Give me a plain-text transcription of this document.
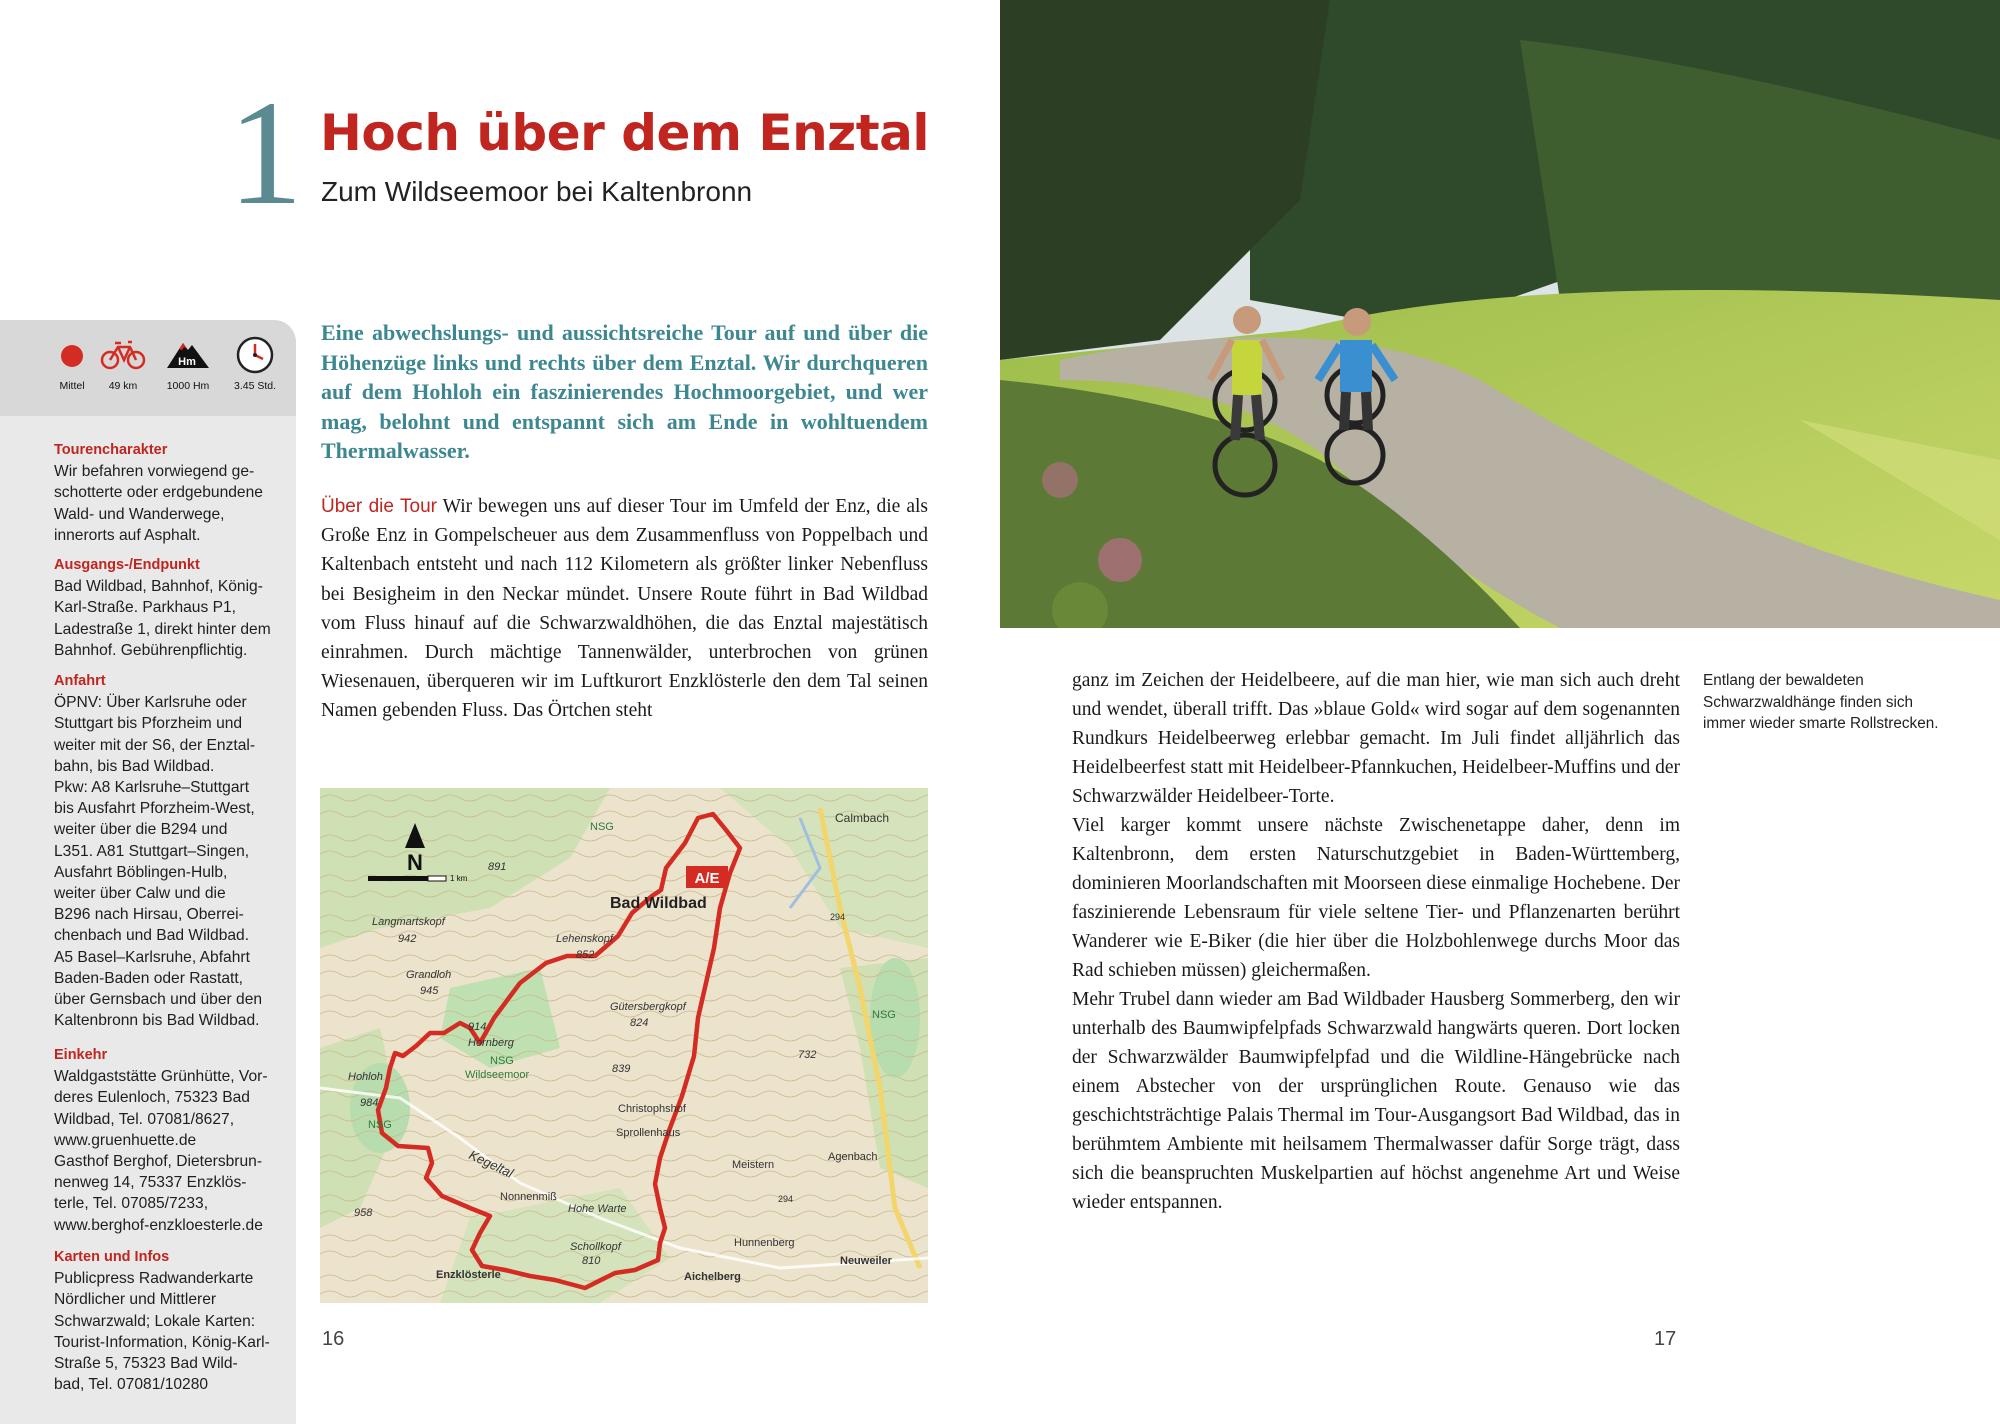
1 Hoch über dem Enztal
Zum Wildseemoor bei Kaltenbronn
Mittel	49 km
Hm
1000 Hm	3.45 Std.
Tourencharakter
Wir befahren vorwiegend ge-
schotterte oder erdgebundene
Wald- und Wanderwege,
innerorts auf Asphalt.
Ausgangs-/Endpunkt
Bad Wildbad, Bahnhof, König-
Karl-Straße. Parkhaus P1,
Ladestraße 1, direkt hinter dem
Bahnhof. Gebührenpflichtig.
Anfahrt
ÖPNV: Über Karlsruhe oder
Stuttgart bis Pforzheim und
weiter mit der S6, der Enztal-
bahn, bis Bad Wildbad.
Pkw: A8 Karlsruhe–Stuttgart
bis Ausfahrt Pforzheim-West,
weiter über die B294 und
L351. A81 Stuttgart–Singen,
Ausfahrt Böblingen-Hulb,
weiter über Calw und die
B296 nach Hirsau, Oberrei-
chenbach und Bad Wildbad.
A5 Basel–Karlsruhe, Abfahrt
Baden-Baden oder Rastatt,
über Gernsbach und über den
Kaltenbronn bis Bad Wildbad.
Einkehr
Waldgaststätte Grünhütte, Vor-
deres Eulenloch, 75323 Bad
Wildbad, Tel. 07081/8627,
www.gruenhuette.de
Gasthof Berghof, Dietersbrun-
nenweg 14, 75337 Enzklös-
terle, Tel. 07085/7233,
www.berghof-enzkloesterle.de
Karten und Infos
Publicpress Radwanderkarte
Nördlicher und Mittlerer
Schwarzwald; Lokale Karten:
Tourist-Information, König-Karl-
Straße 5, 75323 Bad Wild-
bad, Tel. 07081/10280
Eine abwechslungs- und aussichtsreiche Tour auf und über die Höhenzüge links und rechts über dem Enztal. Wir durchqueren auf dem Hohloh ein faszinierendes Hochmoorgebiet, und wer mag, belohnt und entspannt sich am Ende in wohltuendem Thermalwasser.
Über die Tour Wir bewegen uns auf dieser Tour im Umfeld der Enz, die als Große Enz in Gompelscheuer aus dem Zusammenfluss von Poppelbach und Kaltenbach entsteht und nach 112 Kilometern als größter linker Nebenfluss bei Besigheim in den Neckar mündet. Unsere Route führt in Bad Wildbad vom Fluss hinauf auf die Schwarzwaldhöhen, die das Enztal majestätisch einrahmen. Durch mächtige Tannenwälder, unterbrochen von grünen Wiesenauen, überqueren wir im Luftkurort Enzklösterle den dem Tal seinen Namen gebenden Fluss. Das Örtchen steht
N
1 km	A/E
Calmbach
Bad Wildbad
Langmartskopf
942
891
Lehenskopf
852
Grandloh
945
Gütersbergkopf
824
914
Hornberg
NSG
Wildseemoor	839
Hohloh
984
NSG
Christophshof
Sprollenhaus
Kegeltal
732
NSG
NSG
Meistern
Agenbach
958
Nonnenmiß
Hohe Warte
294
294
Schollkopf
810
Hunnenberg
Neuweiler
Enzklösterle	Aichelberg
16

ganz im Zeichen der Heidelbeere, auf die man hier, wie man sich auch dreht und wendet, überall trifft. Das »blaue Gold« wird sogar auf dem sogenannten Rundkurs Heidelbeerweg erlebbar gemacht. Im Juli findet alljährlich das Heidelbeerfest statt mit Heidelbeer-Pfannkuchen, Heidelbeer-Muffins und der Schwarzwälder Heidelbeer-Torte.

Viel karger kommt unsere nächste Zwischenetappe daher, denn im Kaltenbronn, dem ersten Naturschutzgebiet in Baden-Württemberg, dominieren Moorlandschaften mit Moorseen diese einmalige Hochebene. Der faszinierende Lebensraum für viele seltene Tier- und Pflanzenarten berührt Wanderer wie E-Biker (die hier über die Holzbohlenwege durchs Moor das Rad schieben müssen) gleichermaßen.

Mehr Trubel dann wieder am Bad Wildbader Hausberg Sommerberg, den wir unterhalb des Baumwipfelpfads Schwarzwald hangwärts queren. Dort locken der Schwarzwälder Baumwipfelpfad und die Wildline-Hängebrücke nach einem Abstecher von der ursprünglichen Route. Genauso wie das geschichtsträchtige Palais Thermal im Tour-Ausgangsort Bad Wildbad, das in berühmtem Ambiente mit heilsamem Thermalwasser dafür Sorge trägt, dass sich die beanspruchten Muskelpartien auf höchst angenehme Art und Weise wieder entspannen.

Entlang der bewaldeten Schwarzwaldhänge finden sich immer wieder smarte Rollstrecken.
17
